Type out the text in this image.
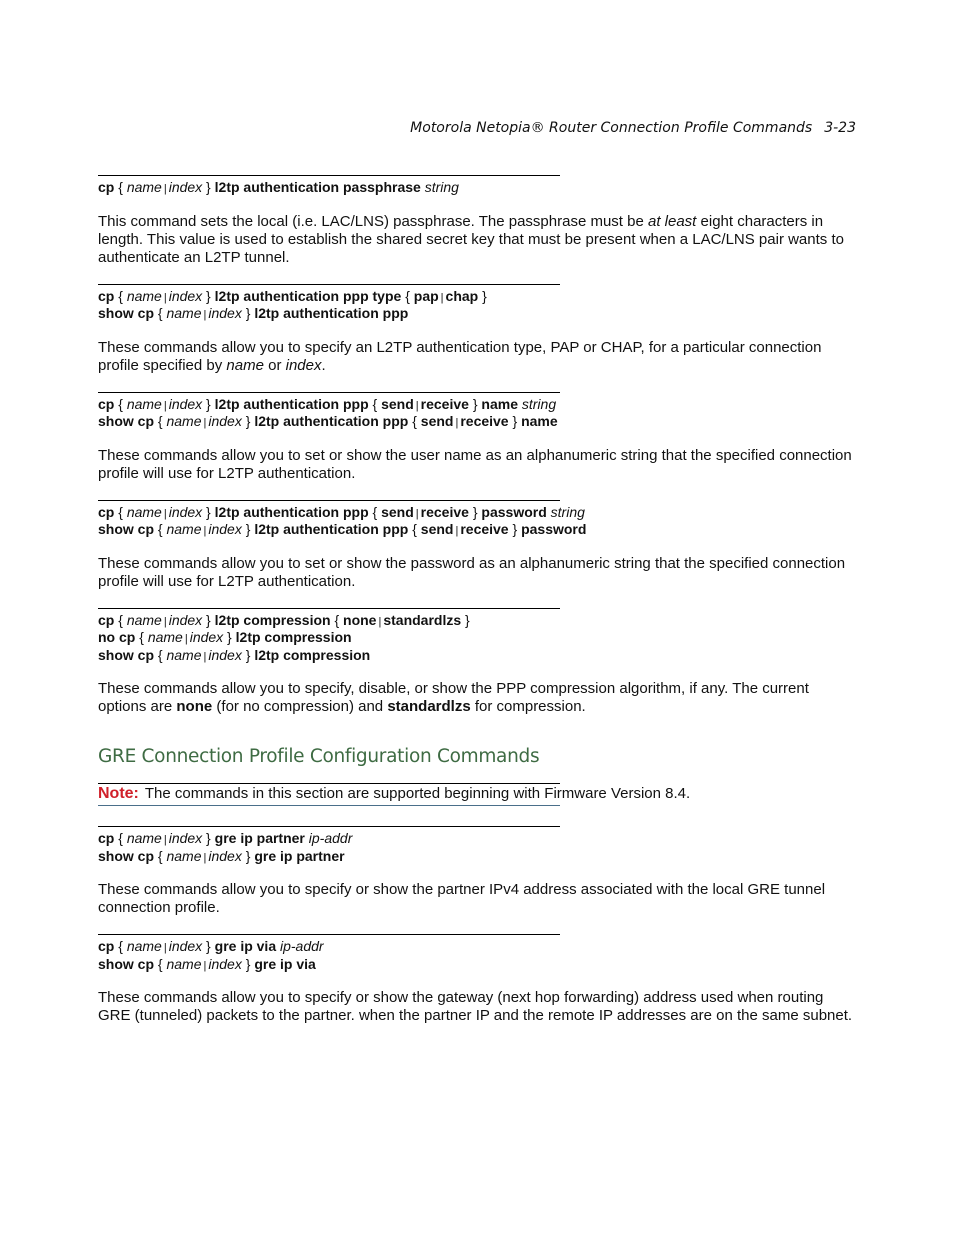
Motorola Netopia® Router Connection Profile Commands 3-23
cp { name | index } l2tp authentication passphrase string
This command sets the local (i.e. LAC/LNS) passphrase. The passphrase must be at least eight characters in length. This value is used to establish the shared secret key that must be present when a LAC/LNS pair wants to authenticate an L2TP tunnel.
cp { name | index } l2tp authentication ppp type { pap | chap }
show cp { name | index } l2tp authentication ppp
These commands allow you to specify an L2TP authentication type, PAP or CHAP, for a particular connection profile specified by name or index.
cp { name | index } l2tp authentication ppp { send | receive } name string
show cp { name | index } l2tp authentication ppp { send | receive } name
These commands allow you to set or show the user name as an alphanumeric string that the specified connection profile will use for L2TP authentication.
cp { name | index } l2tp authentication ppp { send | receive } password string
show cp { name | index } l2tp authentication ppp { send | receive } password
These commands allow you to set or show the password as an alphanumeric string that the specified connection profile will use for L2TP authentication.
cp { name | index } l2tp compression { none | standardlzs }
no cp { name | index } l2tp compression
show cp { name | index } l2tp compression
These commands allow you to specify, disable, or show the PPP compression algorithm, if any. The current options are none (for no compression) and standardlzs for compression.
GRE Connection Profile Configuration Commands
Note: The commands in this section are supported beginning with Firmware Version 8.4.
cp { name | index } gre ip partner ip-addr
show cp { name | index } gre ip partner
These commands allow you to specify or show the partner IPv4 address associated with the local GRE tunnel connection profile.
cp { name | index } gre ip via ip-addr
show cp { name | index } gre ip via
These commands allow you to specify or show the gateway (next hop forwarding) address used when routing GRE (tunneled) packets to the partner. when the partner IP and the remote IP addresses are on the same subnet.
